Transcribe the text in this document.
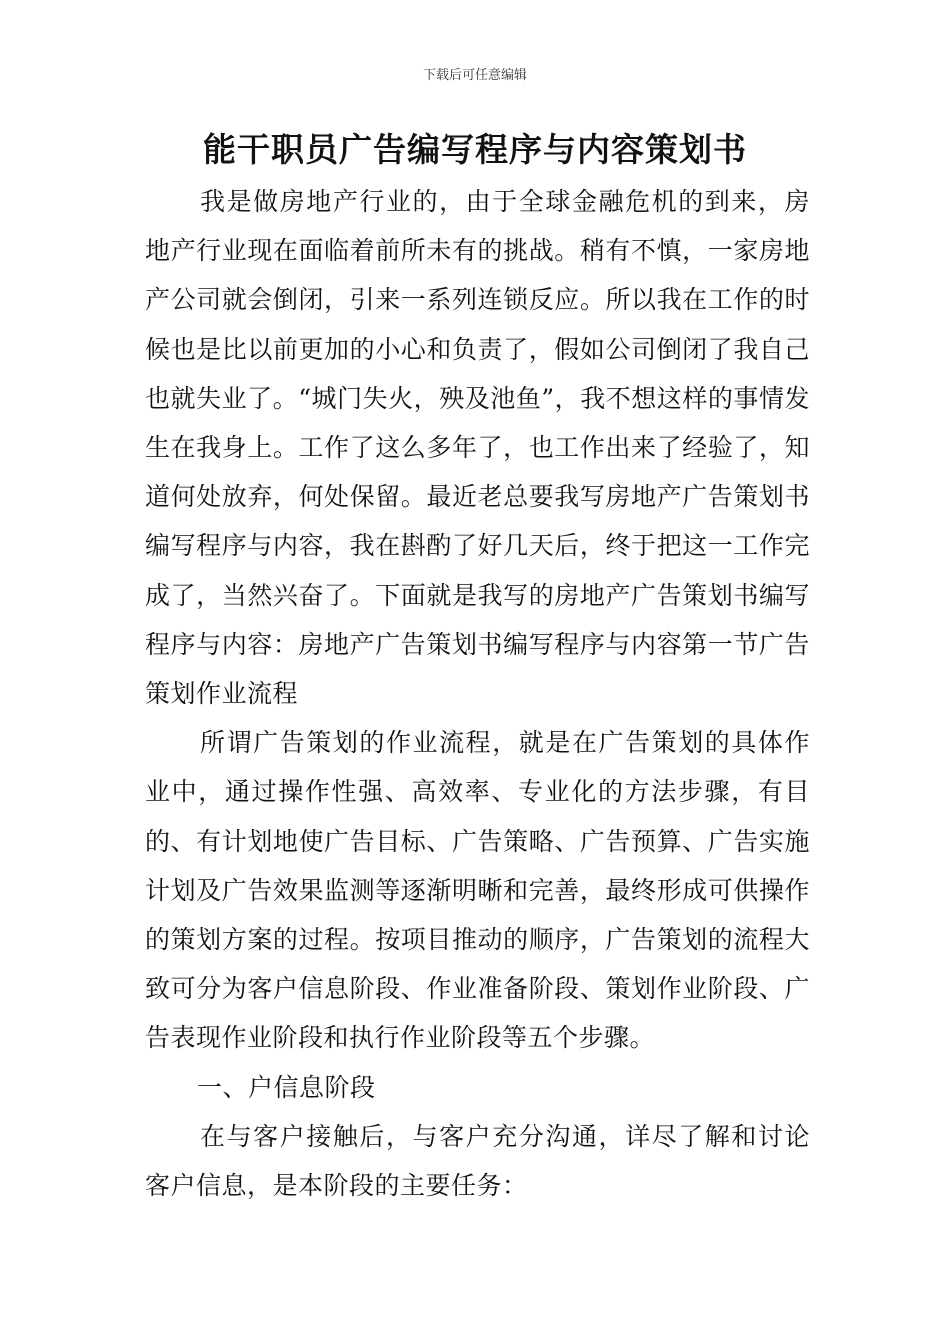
下载后可任意编辑
能干职员广告编写程序与内容策划书

我是做房地产行业的，由于全球金融危机的到来，房地产行业现在面临着前所未有的挑战。稍有不慎，一家房地产公司就会倒闭，引来一系列连锁反应。所以我在工作的时候也是比以前更加的小心和负责了，假如公司倒闭了我自己也就失业了。“城门失火，殃及池鱼”，我不想这样的事情发生在我身上。工作了这么多年了，也工作出来了经验了，知道何处放弃，何处保留。最近老总要我写房地产广告策划书编写程序与内容，我在斟酌了好几天后，终于把这一工作完成了，当然兴奋了。下面就是我写的房地产广告策划书编写程序与内容：房地产广告策划书编写程序与内容第一节广告策划作业流程

所谓广告策划的作业流程，就是在广告策划的具体作业中，通过操作性强、高效率、专业化的方法步骤，有目的、有计划地使广告目标、广告策略、广告预算、广告实施计划及广告效果监测等逐渐明晰和完善，最终形成可供操作的策划方案的过程。按项目推动的顺序，广告策划的流程大致可分为客户信息阶段、作业准备阶段、策划作业阶段、广告表现作业阶段和执行作业阶段等五个步骤。

一、户信息阶段

在与客户接触后，与客户充分沟通，详尽了解和讨论客户信息，是本阶段的主要任务：
